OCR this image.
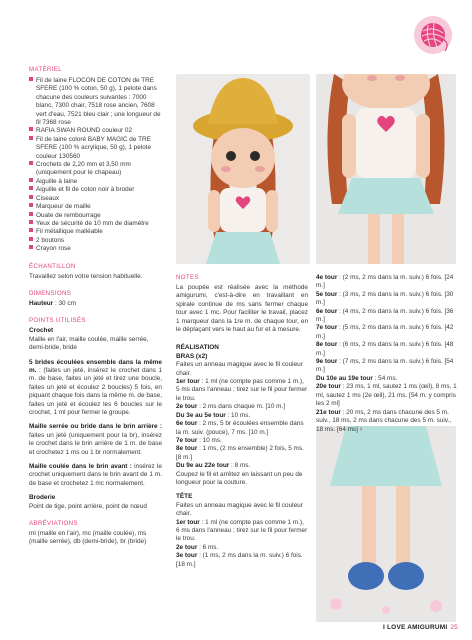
MATÉRIEL

Fil de laine FLOCON DE COTON de TRE SFERE (100 % coton, 50 g), 1 pelote dans chacune des couleurs suivantes : 7000 blanc, 7300 chair, 7518 rose ancien, 7608 vert d'eau, 7521 bleu clair ; une longueur de fil 7368 rose

RAFIA SWAN ROUND couleur 02

Fil de laine coloré BABY MAGIC de TRE SFERE (100 % acrylique, 50 g), 1 pelote couleur 130560

Crochets de 2,20 mm et 3,50 mm (uniquement pour le chapeau)

Aiguille à laine

Aiguille et fil de coton noir à broder

Ciseaux

Marqueur de maille

Ouate de rembourrage

Yeux de sécurité de 10 mm de diamètre

Fil métallique malléable

2 boutons

Crayon rose

ÉCHANTILLON

Travaillez selon votre tension habituelle.

DIMENSIONS

Hauteur : 30 cm

POINTS UTILISÉS

Crochet

Maille en l'air, maille coulée, maille serrée, demi-bride, bride

5 brides écoulées ensemble dans la même m. : (faites un jeté, insérez le crochet dans 1 m. de base, faites un jeté et tirez une boucle, faites un jeté et écoulez 2 boucles) 5 fois, en piquant chaque fois dans la même m. de base, faites un jeté et écoulez les 6 boucles sur le crochet, 1 ml pour fermer le groupe.

Maille serrée ou bride dans le brin arrière : faites un jeté (uniquement pour la br), insérez le crochet dans le brin arrière de 1 m. de base et crochetez 1 ms ou 1 br normalement.

Maille coulée dans le brin avant : insérez le crochet uniquement dans le brin avant de 1 m. de base et crochetez 1 mc normalement.

Broderie

Point de tige, point arrière, point de nœud

ABRÉVIATIONS

ml (maille en l'air), mc (maille coulée), ms (maille serrée), db (demi-bride), br (bride)

NOTES

La poupée est réalisée avec la méthode amigurumi, c'est-à-dire en travaillant en spirale continue de ms sans fermer chaque tour avec 1 mc. Pour faciliter le travail, placez 1 marqueur dans la 1re m. de chaque tour, en le déplaçant vers le haut au fur et à mesure.

RÉALISATION

BRAS (x2)

Faites un anneau magique avec le fil couleur chair.

1er tour : 1 ml (ne compte pas comme 1 m.), 5 ms dans l'anneau ; tirez sur le fil pour fermer le trou.

2e tour : 2 ms dans chaque m. [10 m.]

Du 3e au 5e tour : 10 ms.

6e tour : 2 ms, 5 br écoulées ensemble dans la m. suiv. (pouce), 7 ms. [10 m.]

7e tour : 10 ms.

8e tour : 1 ms, (2 ms ensemble) 2 fois, 5 ms. [8 m.]

Du 9e au 22e tour : 8 ms.

Coupez le fil et arrêtez en laissant un peu de longueur pour la couture.

TÊTE

Faites un anneau magique avec le fil couleur chair.

1er tour : 1 ml (ne compte pas comme 1 m.), 6 ms dans l'anneau ; tirez sur le fil pour fermer le trou.

2e tour : 6 ms.

3e tour : (1 ms, 2 ms dans la m. suiv.) 6 fois. [18 m.]

4e tour : (2 ms, 2 ms dans la m. suiv.) 6 fois. [24 m.]

5e tour : (3 ms, 2 ms dans la m. suiv.) 6 fois. [30 m.]

6e tour : (4 ms, 2 ms dans la m. suiv.) 6 fois. [36 m.]

7e tour : (5 ms, 2 ms dans la m. suiv.) 6 fois. [42 m.]

8e tour : (6 ms, 2 ms dans la m. suiv.) 6 fois. [48 m.]

9e tour : (7 ms, 2 ms dans la m. suiv.) 6 fois. [54 m.]

Du 10e au 19e tour : 54 ms.

20e tour : 23 ms, 1 ml, sautez 1 ms (œil), 8 ms, 1 ml, sautez 1 ms (2e œil), 21 ms. [54 m. y compris les 2 ml]

21e tour : 20 ms, 2 ms dans chacune des 5 m. suiv., 18 ms, 2 ms dans chacune des 5 m. suiv., 18 ms. [64 ms] ›

I LOVE AMIGURUMI 25
